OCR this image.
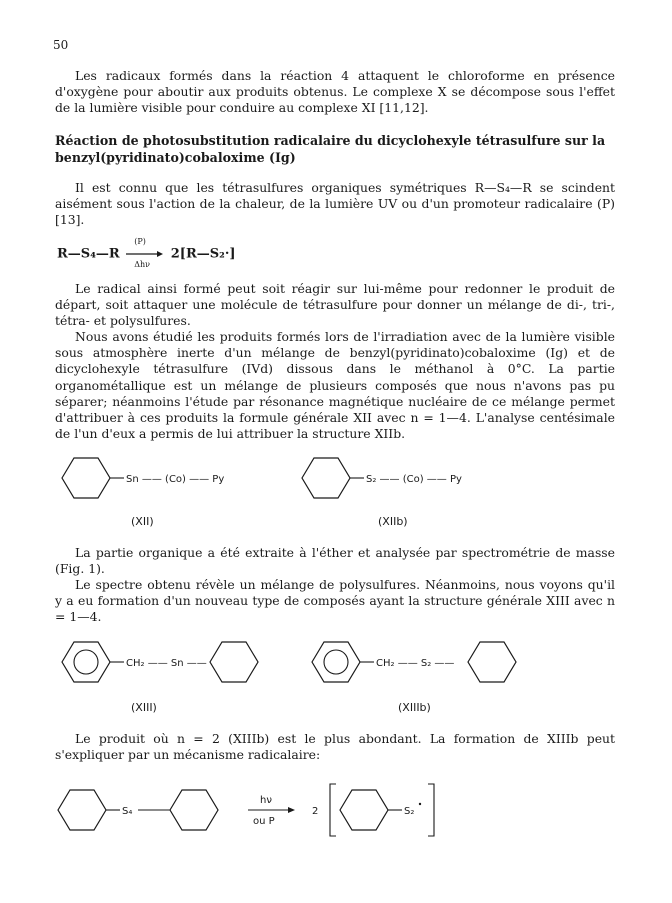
50

Les radicaux formés dans la réaction 4 attaquent le chloroforme en présence d'oxygène pour aboutir aux produits obtenus. Le complexe X se décompose sous l'effet de la lumière visible pour conduire au complexe XI [11,12].

Réaction de photosubstitution radicalaire du dicyclohexyle tétrasulfure sur la benzyl(pyridinato)cobaloxime (Ig)

Il est connu que les tétrasulfures organiques symétriques R—S₄—R se scindent aisément sous l'action de la chaleur, de la lumière UV ou d'un promoteur radicalaire (P) [13].

R—S₄—R
(P)
Δhν
2[R—S₂·]

Le radical ainsi formé peut soit réagir sur lui-même pour redonner le produit de départ, soit attaquer une molécule de tétrasulfure pour donner un mélange de di-, tri-, tétra- et polysulfures.

Nous avons étudié les produits formés lors de l'irradiation avec de la lumière visible sous atmosphère inerte d'un mélange de benzyl(pyridinato)cobaloxime (Ig) et de dicyclohexyle tétrasulfure (IVd) dissous dans le méthanol à 0°C. La partie organométallique est un mélange de plusieurs composés que nous n'avons pas pu séparer; néanmoins l'étude par résonance magnétique nucléaire de ce mélange permet d'attribuer à ces produits la formule générale XII avec n = 1—4. L'analyse centésimale de l'un d'eux a permis de lui attribuer la structure XIIb.

Sn —— (Co) —— Py
(XII)
S₂ —— (Co) —— Py
(XIIb)

La partie organique a été extraite à l'éther et analysée par spectrométrie de masse (Fig. 1).

Le spectre obtenu révèle un mélange de polysulfures. Néanmoins, nous voyons qu'il y a eu formation d'un nouveau type de composés ayant la structure générale XIII avec n = 1—4.

CH₂ —— Sn ——
(XIII)
CH₂ —— S₂ ——
(XIIIb)

Le produit où n = 2 (XIIIb) est le plus abondant. La formation de XIIIb peut s'expliquer par un mécanisme radicalaire:

S₄
hν
ou P
2	S₂
